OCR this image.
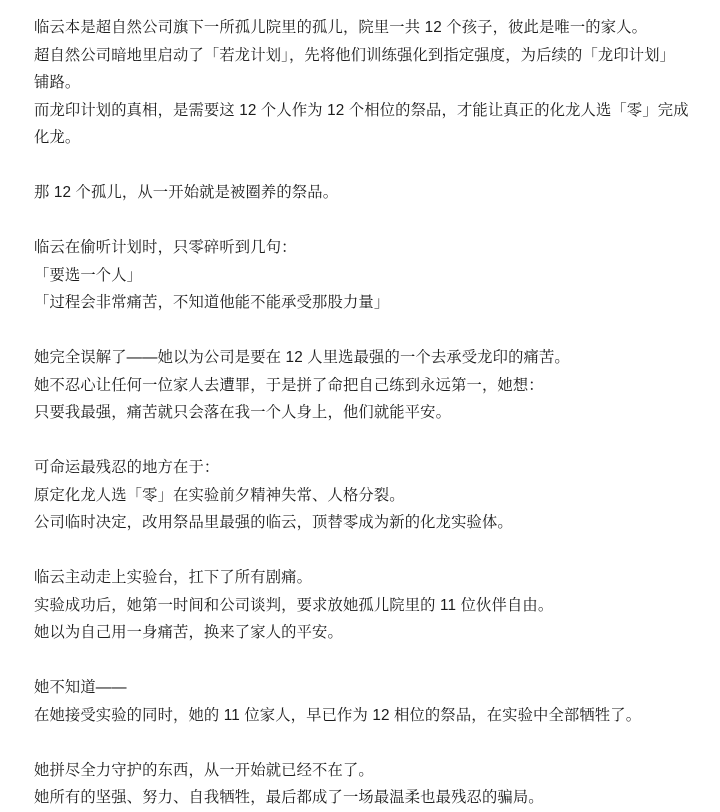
临云本是超自然公司旗下一所孤儿院里的孤儿，院里一共 12 个孩子，彼此是唯一的家人。
超自然公司暗地里启动了「若龙计划」，先将他们训练强化到指定强度，为后续的「龙印计划」铺路。
而龙印计划的真相，是需要这 12 个人作为 12 个相位的祭品，才能让真正的化龙人选「零」完成化龙。
那 12 个孤儿，从一开始就是被圈养的祭品。
临云在偷听计划时，只零碎听到几句：
「要选一个人」
「过程会非常痛苦，不知道他能不能承受那股力量」
她完全误解了——她以为公司是要在 12 人里选最强的一个去承受龙印的痛苦。
她不忍心让任何一位家人去遭罪，于是拼了命把自己练到永远第一，她想：
只要我最强，痛苦就只会落在我一个人身上，他们就能平安。
可命运最残忍的地方在于：
原定化龙人选「零」在实验前夕精神失常、人格分裂。
公司临时决定，改用祭品里最强的临云，顶替零成为新的化龙实验体。
临云主动走上实验台，扛下了所有剧痛。
实验成功后，她第一时间和公司谈判，要求放她孤儿院里的 11 位伙伴自由。
她以为自己用一身痛苦，换来了家人的平安。
她不知道——
在她接受实验的同时，她的 11 位家人，早已作为 12 相位的祭品，在实验中全部牺牲了。
她拼尽全力守护的东西，从一开始就已经不在了。
她所有的坚强、努力、自我牺牲，最后都成了一场最温柔也最残忍的骗局。
